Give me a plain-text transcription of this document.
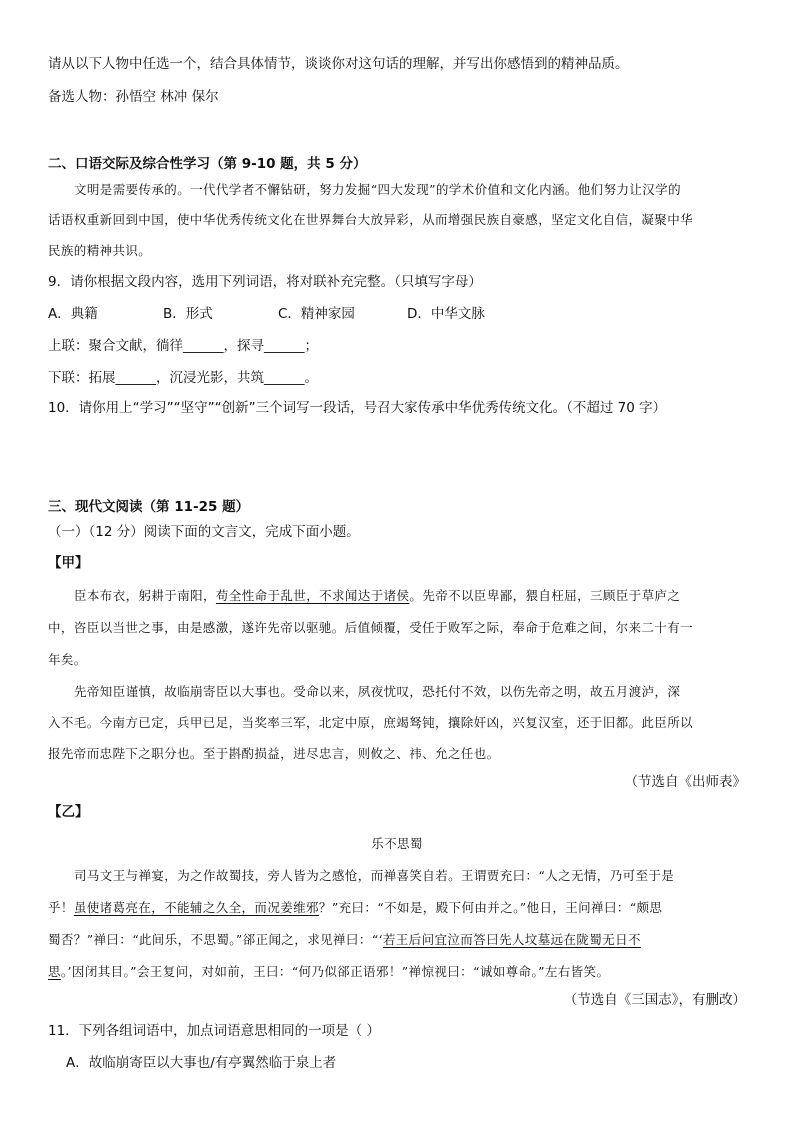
请从以下人物中任选一个，结合具体情节，谈谈你对这句话的理解，并写出你感悟到的精神品质。
备选人物：孙悟空 林冲 保尔
二、口语交际及综合性学习（第 9-10 题，共 5 分）
文明是需要传承的。一代代学者不懈钻研，努力发掘“四大发现”的学术价值和文化内涵。他们努力让汉学的
话语权重新回到中国，使中华优秀传统文化在世界舞台大放异彩，从而增强民族自豪感，坚定文化自信，凝聚中华
民族的精神共识。
9．请你根据文段内容，选用下列词语，将对联补充完整。（只填写字母）
A．典籍	B．形式	C．精神家园	D．中华文脉
上联：聚合文献，徜徉______，探寻______；
下联：拓展______，沉浸光影，共筑______。
10．请你用上“学习”“坚守”“创新”三个词写一段话，号召大家传承中华优秀传统文化。（不超过 70 字）
三、现代文阅读（第 11-25 题）
（一）（12 分）阅读下面的文言文，完成下面小题。
【甲】
臣本布衣，躬耕于南阳，苟全性命于乱世，不求闻达于诸侯。先帝不以臣卑鄙，猥自枉屈，三顾臣于草庐之
中，咨臣以当世之事，由是感激，遂许先帝以驱驰。后值倾覆，受任于败军之际，奉命于危难之间，尔来二十有一
年矣。
先帝知臣谨慎，故临崩寄臣以大事也。受命以来，夙夜忧叹，恐托付不效，以伤先帝之明，故五月渡泸，深
入不毛。今南方已定，兵甲已足，当奖率三军，北定中原，庶竭驽钝，攘除奸凶，兴复汉室，还于旧都。此臣所以
报先帝而忠陛下之职分也。至于斟酌损益，进尽忠言，则攸之、祎、允之任也。
（节选自《出师表》
【乙】
乐不思蜀
司马文王与禅宴，为之作故蜀技，旁人皆为之感怆，而禅喜笑自若。王谓贾充曰：“人之无情，乃可至于是
乎！虽使诸葛亮在，不能辅之久全，而况姜维邪？”充曰：“不如是，殿下何由并之。”他日，王问禅曰：“颇思
蜀否？”禅曰：“此间乐，不思蜀。”郤正闻之，求见禅曰：“‘若王后问宜泣而答曰先人坟墓远在陇蜀无日不
思。’因闭其目。”会王复问，对如前，王曰：“何乃似郤正语邪！”禅惊视曰：“诚如尊命。”左右皆笑。
（节选自《三国志》，有删改）
11．下列各组词语中，加点词语意思相同的一项是（ ）
A．故临崩寄臣以大事也/有亭翼然临于泉上者
